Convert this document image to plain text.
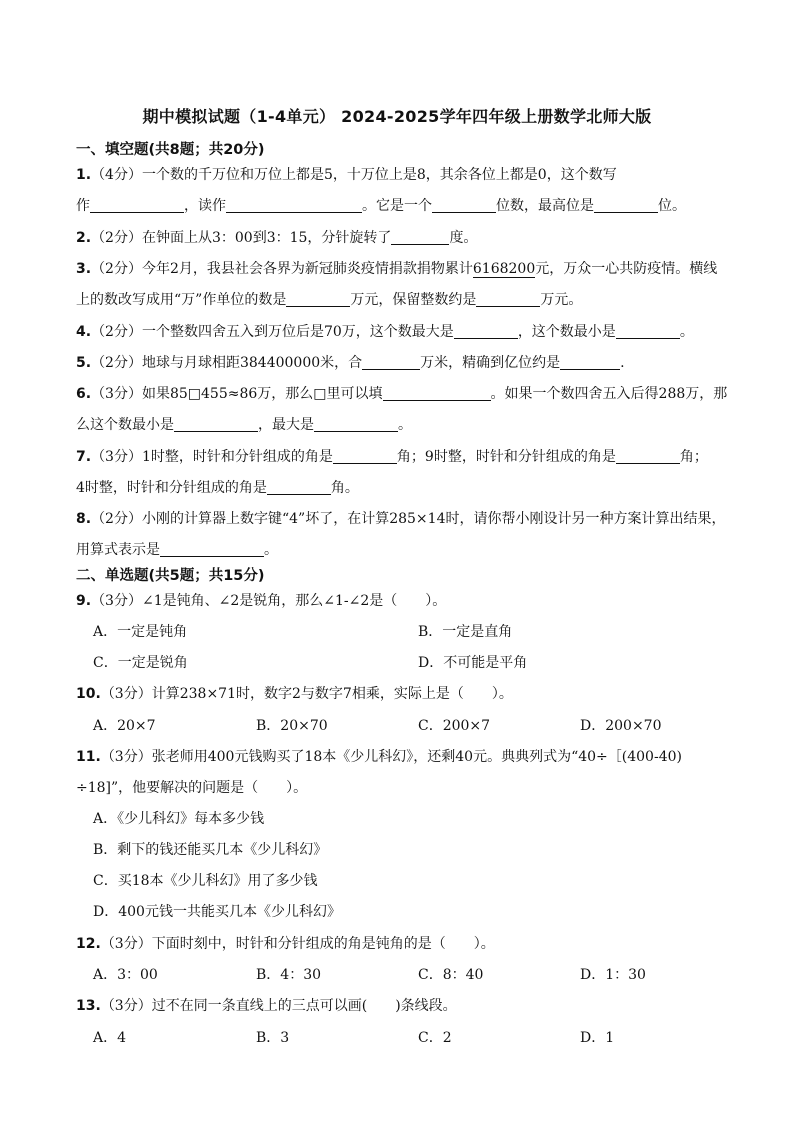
期中模拟试题（1-4单元） 2024-2025学年四年级上册数学北师大版
一、填空题(共8题；共20分)
1.（4分）一个数的千万位和万位上都是5，十万位上是8，其余各位上都是0，这个数写
作	，读作	。它是一个	位数，最高位是	位。
2.（2分）在钟面上从3：00到3：15，分针旋转了	度。
3.（2分）今年2月，我县社会各界为新冠肺炎疫情捐款捐物累计6168200元，万众一心共防疫情。横线
上的数改写成用“万”作单位的数是	万元，保留整数约是	万元。
4.（2分）一个整数四舍五入到万位后是70万，这个数最大是	，这个数最小是	。
5.（2分）地球与月球相距384400000米，合	万米，精确到亿位约是	.
6.（3分）如果85□455≈86万，那么□里可以填	。如果一个数四舍五入后得288万，那
么这个数最小是	，最大是	。
7.（3分）1时整，时针和分针组成的角是	角；9时整，时针和分针组成的角是	角；
4时整，时针和分针组成的角是	角。
8.（2分）小刚的计算器上数字键“4”坏了，在计算285×14时，请你帮小刚设计另一种方案计算出结果，
用算式表示是	。
二、单选题(共5题；共15分)
9.（3分）∠1是钝角、∠2是锐角，那么∠1-∠2是（　　）。
A．一定是钝角	B．一定是直角
C．一定是锐角	D．不可能是平角
10.（3分）计算238×71时，数字2与数字7相乘，实际上是（　　）。
A．20×7	B．20×70	C．200×7	D．200×70
11.（3分）张老师用400元钱购买了18本《少儿科幻》，还剩40元。典典列式为“40÷［(400-40)
÷18]”，他要解决的问题是（　　）。
A．《少儿科幻》每本多少钱
B．剩下的钱还能买几本《少儿科幻》
C．买18本《少儿科幻》用了多少钱
D．400元钱一共能买几本《少儿科幻》
12.（3分）下面时刻中，时针和分针组成的角是钝角的是（　　）。
A．3：00	B．4：30	C．8：40	D．1：30
13.（3分）过不在同一条直线上的三点可以画(　　)条线段。
A．4	B．3	C．2	D．1
